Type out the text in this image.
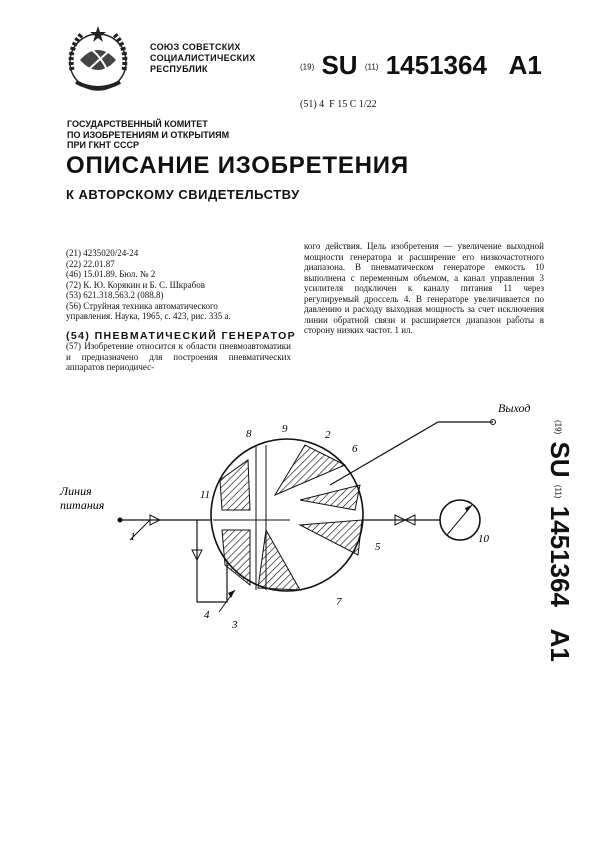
СОЮЗ СОВЕТСКИХ
СОЦИАЛИСТИЧЕСКИХ
РЕСПУБЛИК	(19) SU (11) 1451364 A1
(51) 4 F 15 C 1/22
ГОСУДАРСТВЕННЫЙ КОМИТЕТ
ПО ИЗОБРЕТЕНИЯМ И ОТКРЫТИЯМ
ПРИ ГКНТ СССР
ОПИСАНИЕ ИЗОБРЕТЕНИЯ
К АВТОРСКОМУ СВИДЕТЕЛЬСТВУ
(21) 4235020/24-24
(22) 22.01.87
(46) 15.01.89. Бюл. № 2
(72) К. Ю. Корякин и Б. С. Шкрабов
(53) 621.318.563.2 (088.8)
(56) Струйная техника автоматического
управления. Наука, 1965, с. 423, рис. 335 а.
(54) ПНЕВМАТИЧЕСКИЙ ГЕНЕРАТОР
(57) Изобретение относится к области пневмоавтоматики и предназначено для построения пневматических аппаратов периодичес-
кого действия. Цель изобретения — увеличение выходной мощности генератора и расширение его низкочастотного диапазона. В пневматическом генераторе емкость 10 выполнена с переменным объемом, а канал управления 3 усилителя подключен к каналу питания 11 через регулируемый дроссель 4. В генераторе увеличивается по давлению и расходу выходная мощность за счет исключения линии обратной связи и расширяется диапазон работы в сторону низких частот. 1 ил.
Линия
питания
Выход
1
2
3
4
5
6
7
8	9
10
11
(19) SU (11) 1451364   A1
